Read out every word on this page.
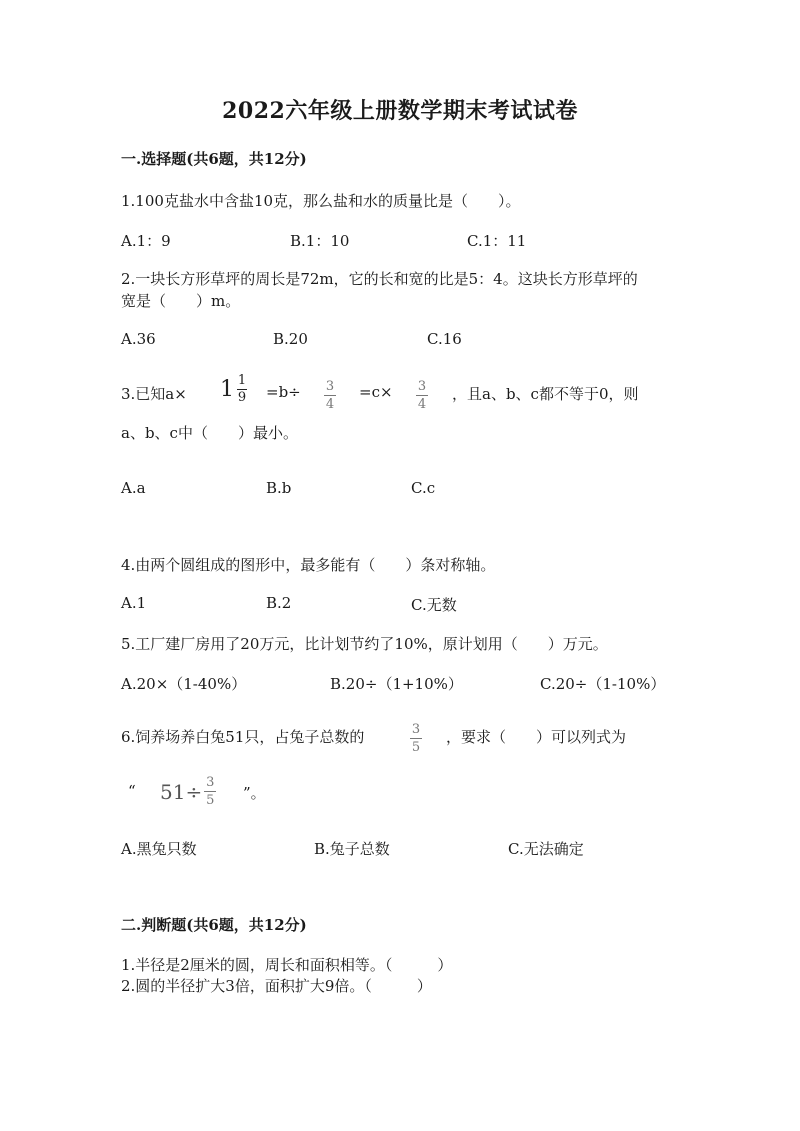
2022六年级上册数学期末考试试卷
一.选择题(共6题，共12分)
1.100克盐水中含盐10克，那么盐和水的质量比是（　　）。
A.1：9	B.1：10	C.1：11
2.一块长方形草坪的周长是72m，它的长和宽的比是5：4。这块长方形草坪的
宽是（　　）m。
A.36	B.20	C.16
3.已知$a\times 1 \frac{1}{9} =b\div \frac{3}{4} =c\times \frac{3}{4}$ ，且a、b、c都不等于0，则
a、b、c中（　　）最小。
A.a	B.b	C.c
4.由两个圆组成的图形中，最多能有（　　）条对称轴。
A.1	B.2	C.无数
5.工厂建厂房用了20万元，比计划节约了10%，原计划用（　　）万元。
A.20×（1-40%）	B.20÷（1+10%）	C.20÷（1-10%）
6.饲养场养白兔51只，占兔子总数的	$\frac{3}{5}$ ，要求（　　）可以列式为
“ $51\div \frac{3}{5}$ ”。
A.黑兔只数	B.兔子总数	C.无法确定
二.判断题(共6题，共12分)
1.半径是2厘米的圆，周长和面积相等。（　　　）
2.圆的半径扩大3倍，面积扩大9倍。（　　　）
